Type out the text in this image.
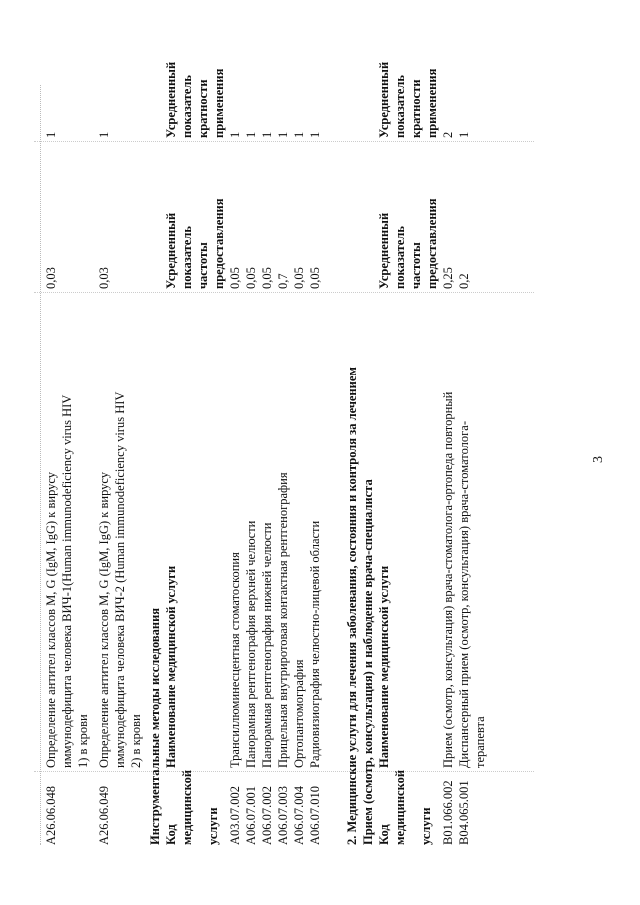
3
A26.06.048
Определение антител классов M, G (IgM, IgG) к вирусу иммунодефицита человека ВИЧ-1(Human immunodeficiency virus HIV 1) в крови
0,03
1
A26.06.049
Определение антител классов M, G (IgM, IgG) к вирусу иммунодефицита человека ВИЧ-2 (Human immunodeficiency virus HIV 2) в крови
0,03
1
Инструментальные методы исследования Код медицинской услуги
Наименование медицинской услуги
Усредненный показатель частоты предоставления
Усредненный показатель кратности применения
A03.07.002
Трансиллюминесцентная стоматоскопия
0,05
1
A06.07.001
Панорамная рентгенография верхней челюсти
0,05
1
A06.07.002
Панорамная рентгенография нижней челюсти
0,05
1
A06.07.003
Прицельная внутриротовая контактная рентгенография
0,7
1
A06.07.004
Ортопантомография
0,05
1
A06.07.010
Радиовизиография челюстно-лицевой области
0,05
1
2. Медицинские услуги для лечения заболевания, состояния и контроля за лечением Прием (осмотр, консультация) и наблюдение врача-специалиста Код медицинской услуги
Наименование медицинской услуги
Усредненный показатель частоты предоставления
Усредненный показатель кратности применения
B01.066.002
Прием (осмотр, консультация) врача-стоматолога-ортопеда повторный
0,25
2
B04.065.001
Диспансерный прием (осмотр, консультация) врача-стоматолога- терапевта
0,2
1
